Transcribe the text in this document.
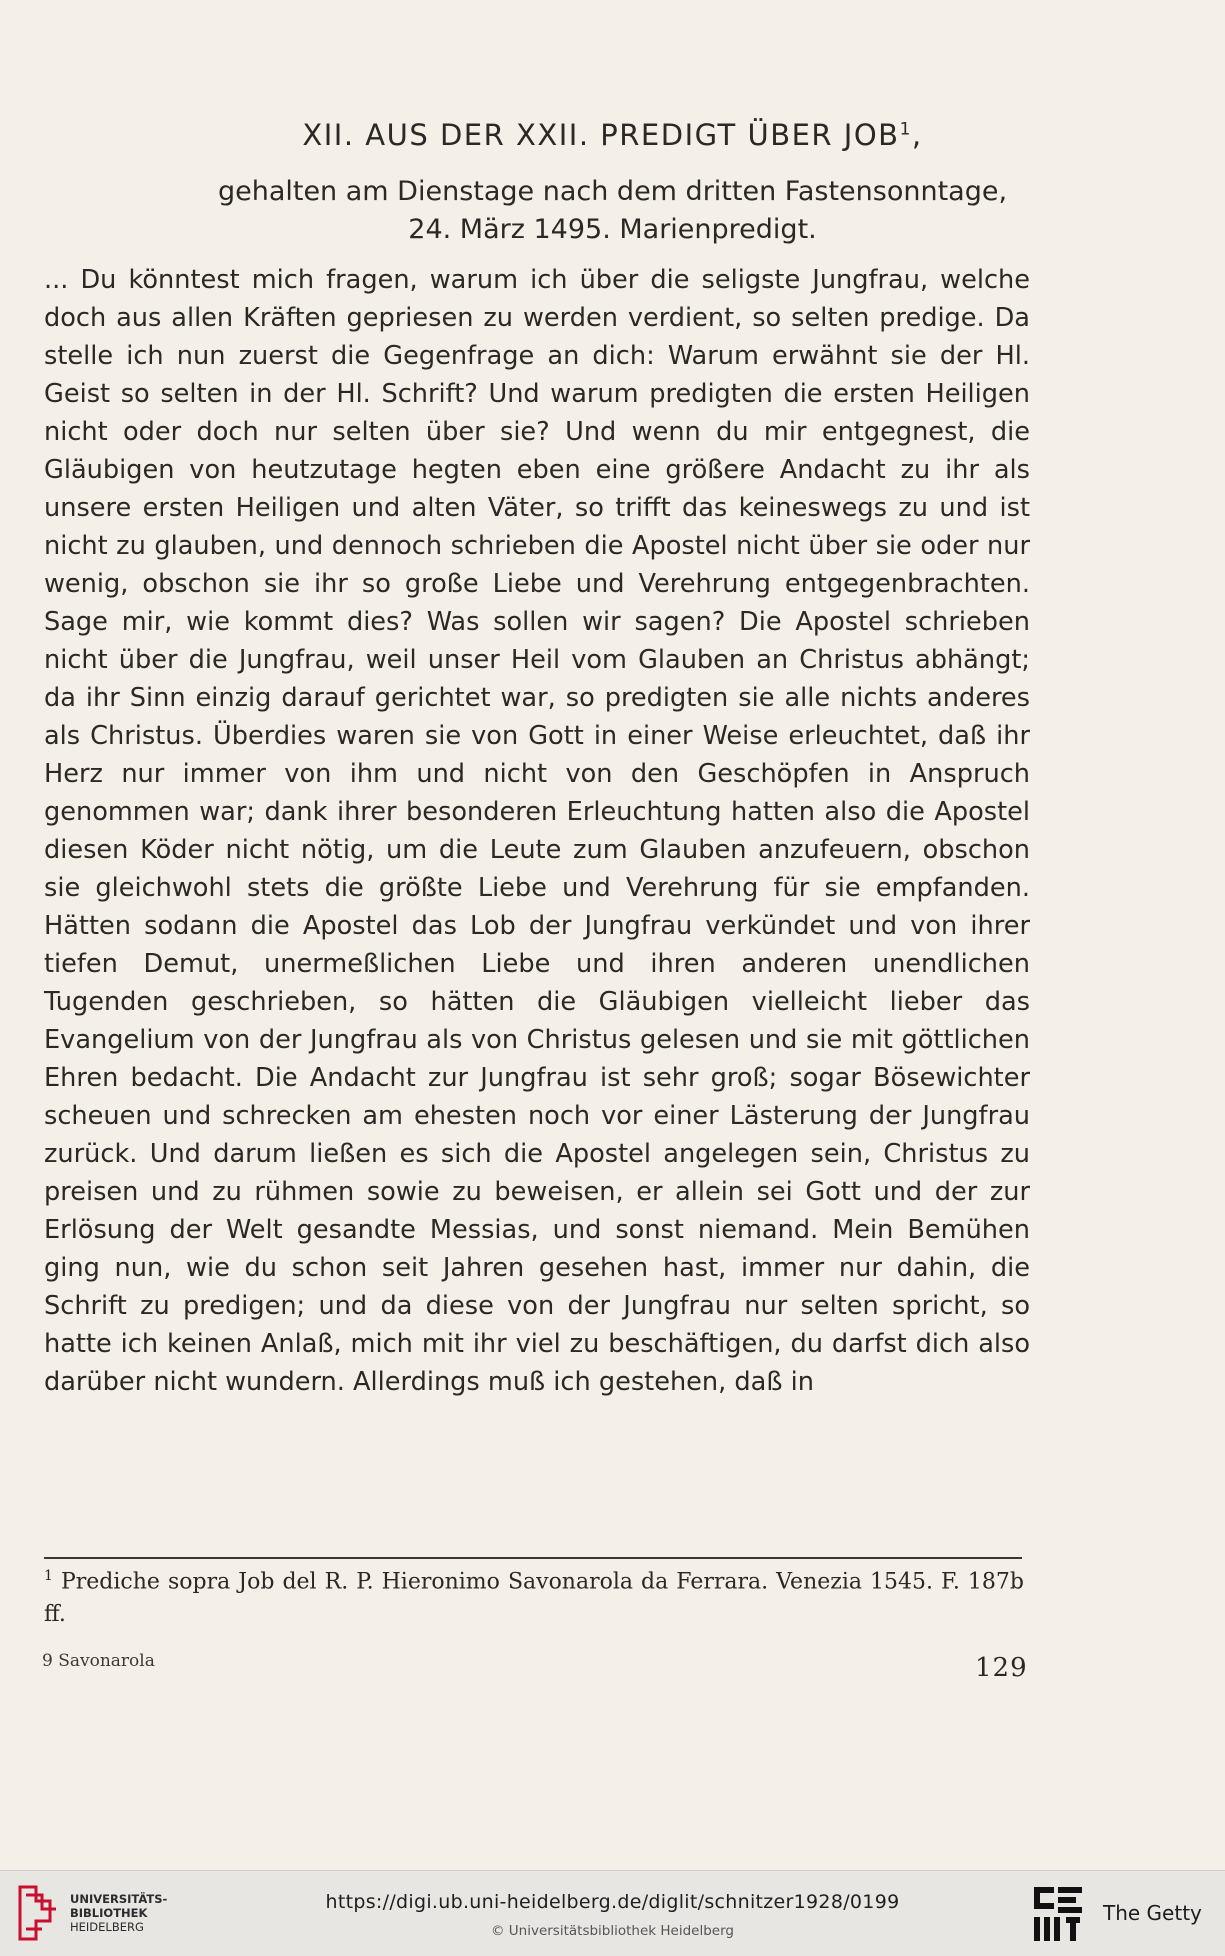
XII. AUS DER XXII. PREDIGT ÜBER JOB$^1$,
gehalten am Dienstage nach dem dritten Fastensonntage,
24. März 1495. Marienpredigt.

... Du könntest mich fragen, warum ich über die seligste Jungfrau, welche doch aus allen Kräften gepriesen zu werden verdient, so selten predige. Da stelle ich nun zuerst die Gegenfrage an dich: Warum erwähnt sie der Hl. Geist so selten in der Hl. Schrift? Und warum predigten die ersten Heiligen nicht oder doch nur selten über sie? Und wenn du mir entgegnest, die Gläubigen von heutzutage hegten eben eine größere Andacht zu ihr als unsere ersten Heiligen und alten Väter, so trifft das keineswegs zu und ist nicht zu glauben, und dennoch schrieben die Apostel nicht über sie oder nur wenig, obschon sie ihr so große Liebe und Verehrung entgegenbrachten. Sage mir, wie kommt dies? Was sollen wir sagen? Die Apostel schrieben nicht über die Jungfrau, weil unser Heil vom Glauben an Christus abhängt; da ihr Sinn einzig darauf gerichtet war, so predigten sie alle nichts anderes als Christus. Überdies waren sie von Gott in einer Weise erleuchtet, daß ihr Herz nur immer von ihm und nicht von den Geschöpfen in Anspruch genommen war; dank ihrer besonderen Erleuchtung hatten also die Apostel diesen Köder nicht nötig, um die Leute zum Glauben anzufeuern, obschon sie gleichwohl stets die größte Liebe und Verehrung für sie empfanden. Hätten sodann die Apostel das Lob der Jungfrau verkündet und von ihrer tiefen Demut, unermeßlichen Liebe und ihren anderen unendlichen Tugenden geschrieben, so hätten die Gläubigen vielleicht lieber das Evangelium von der Jungfrau als von Christus gelesen und sie mit göttlichen Ehren bedacht. Die Andacht zur Jungfrau ist sehr groß; sogar Bösewichter scheuen und schrecken am ehesten noch vor einer Lästerung der Jungfrau zurück. Und darum ließen es sich die Apostel angelegen sein, Christus zu preisen und zu rühmen sowie zu beweisen, er allein sei Gott und der zur Erlösung der Welt gesandte Messias, und sonst niemand. Mein Bemühen ging nun, wie du schon seit Jahren gesehen hast, immer nur dahin, die Schrift zu predigen; und da diese von der Jungfrau nur selten spricht, so hatte ich keinen Anlaß, mich mit ihr viel zu beschäftigen, du darfst dich also darüber nicht wundern. Allerdings muß ich gestehen, daß in

$^1$ Prediche sopra Job del R. P. Hieronimo Savonarola da Ferrara. Venezia 1545. F. 187b ff.
9 Savonarola	129
UNIVERSITÄTS-
BIBLIOTHEK
HEIDELBERG
https://digi.ub.uni-heidelberg.de/diglit/schnitzer1928/0199
© Universitätsbibliothek Heidelberg
The Getty
